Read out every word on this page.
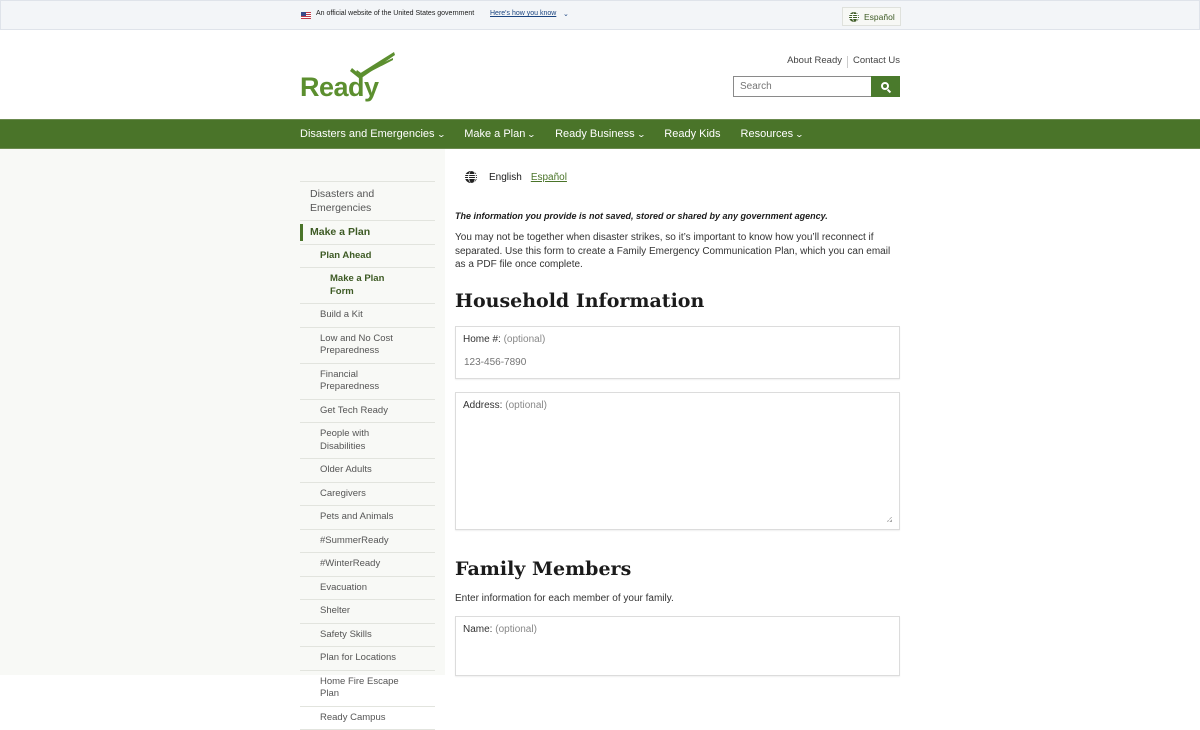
An official website of the United States government Here's how you know ⌄	Español
Ready
About Ready	Contact Us
Search
Disasters and Emergencies ⌄ Make a Plan ⌄ Ready Business ⌄ Ready Kids Resources ⌄
Disasters and Emergencies
Make a Plan
Plan Ahead
Make a Plan Form
Build a Kit
Low and No Cost Preparedness
Financial Preparedness
Get Tech Ready
People with Disabilities
Older Adults
Caregivers
Pets and Animals
#SummerReady
#WinterReady
Evacuation
Shelter
Safety Skills
Plan for Locations
Home Fire Escape Plan
Ready Campus
English Español

The information you provide is not saved, stored or shared by any government agency.

You may not be together when disaster strikes, so it’s important to know how you’ll reconnect if separated. Use this form to create a Family Emergency Communication Plan, which you can email as a PDF file once complete.

Household Information
Home #: (optional)
123-456-7890
Address: (optional)
Family Members

Enter information for each member of your family.

Name: (optional)
